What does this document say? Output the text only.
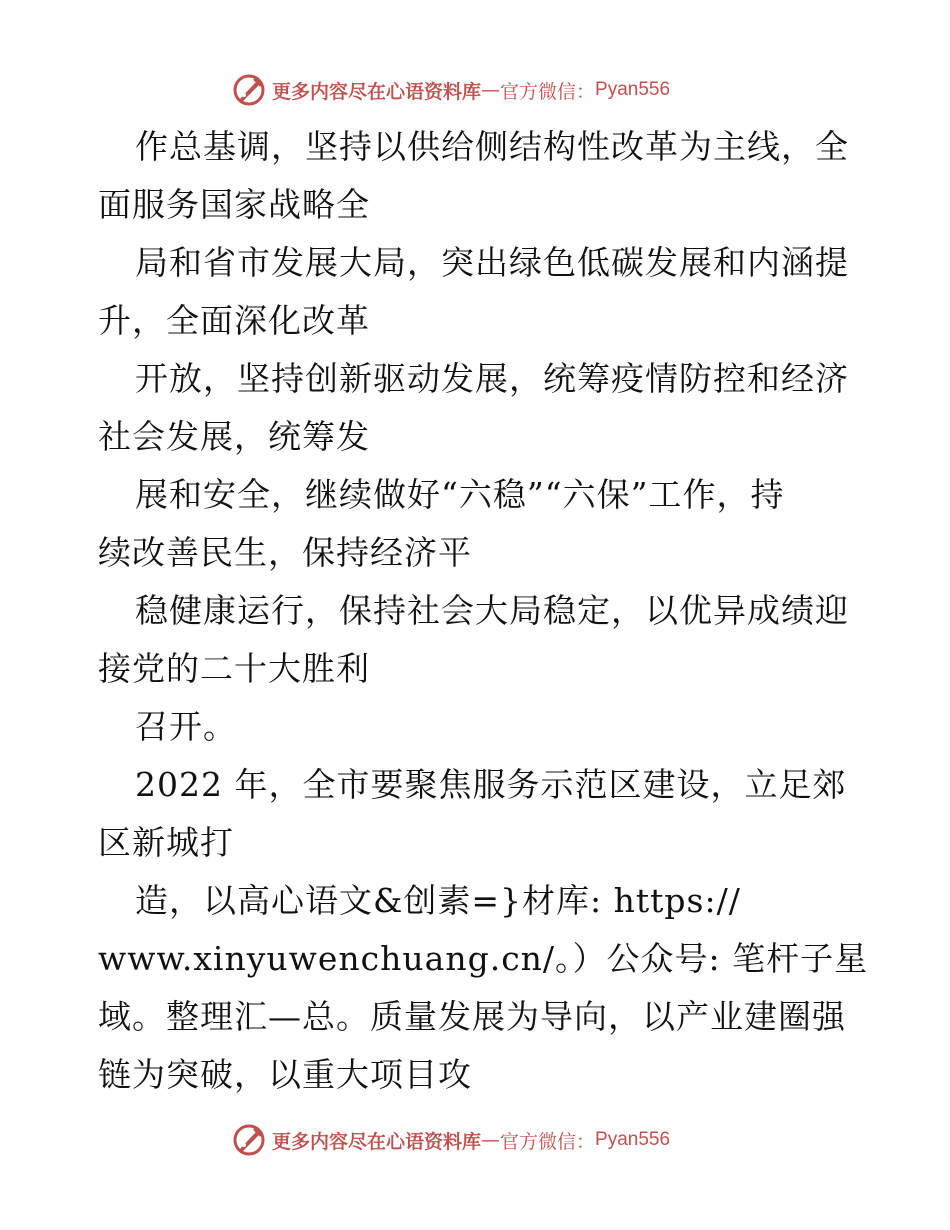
更多内容尽在心语资料库 — 官方微信： Pyan556
作总基调，坚持以供给侧结构性改革为主线，全
面服务国家战略全
局和省市发展大局，突出绿色低碳发展和内涵提
升，全面深化改革
开放，坚持创新驱动发展，统筹疫情防控和经济
社会发展，统筹发
展和安全，继续做好“六稳”“六保”工作，持
续改善民生，保持经济平
稳健康运行，保持社会大局稳定，以优异成绩迎
接党的二十大胜利
召开。
2022 年，全市要聚焦服务示范区建设，立足郊
区新城打
造，以高心语文&创素=}材库: https://
www.xinyuwenchuang.cn/。）公众号: 笔杆子星
域。整理汇—总。质量发展为导向，以产业建圈强
链为突破，以重大项目攻
更多内容尽在心语资料库 — 官方微信： Pyan556
